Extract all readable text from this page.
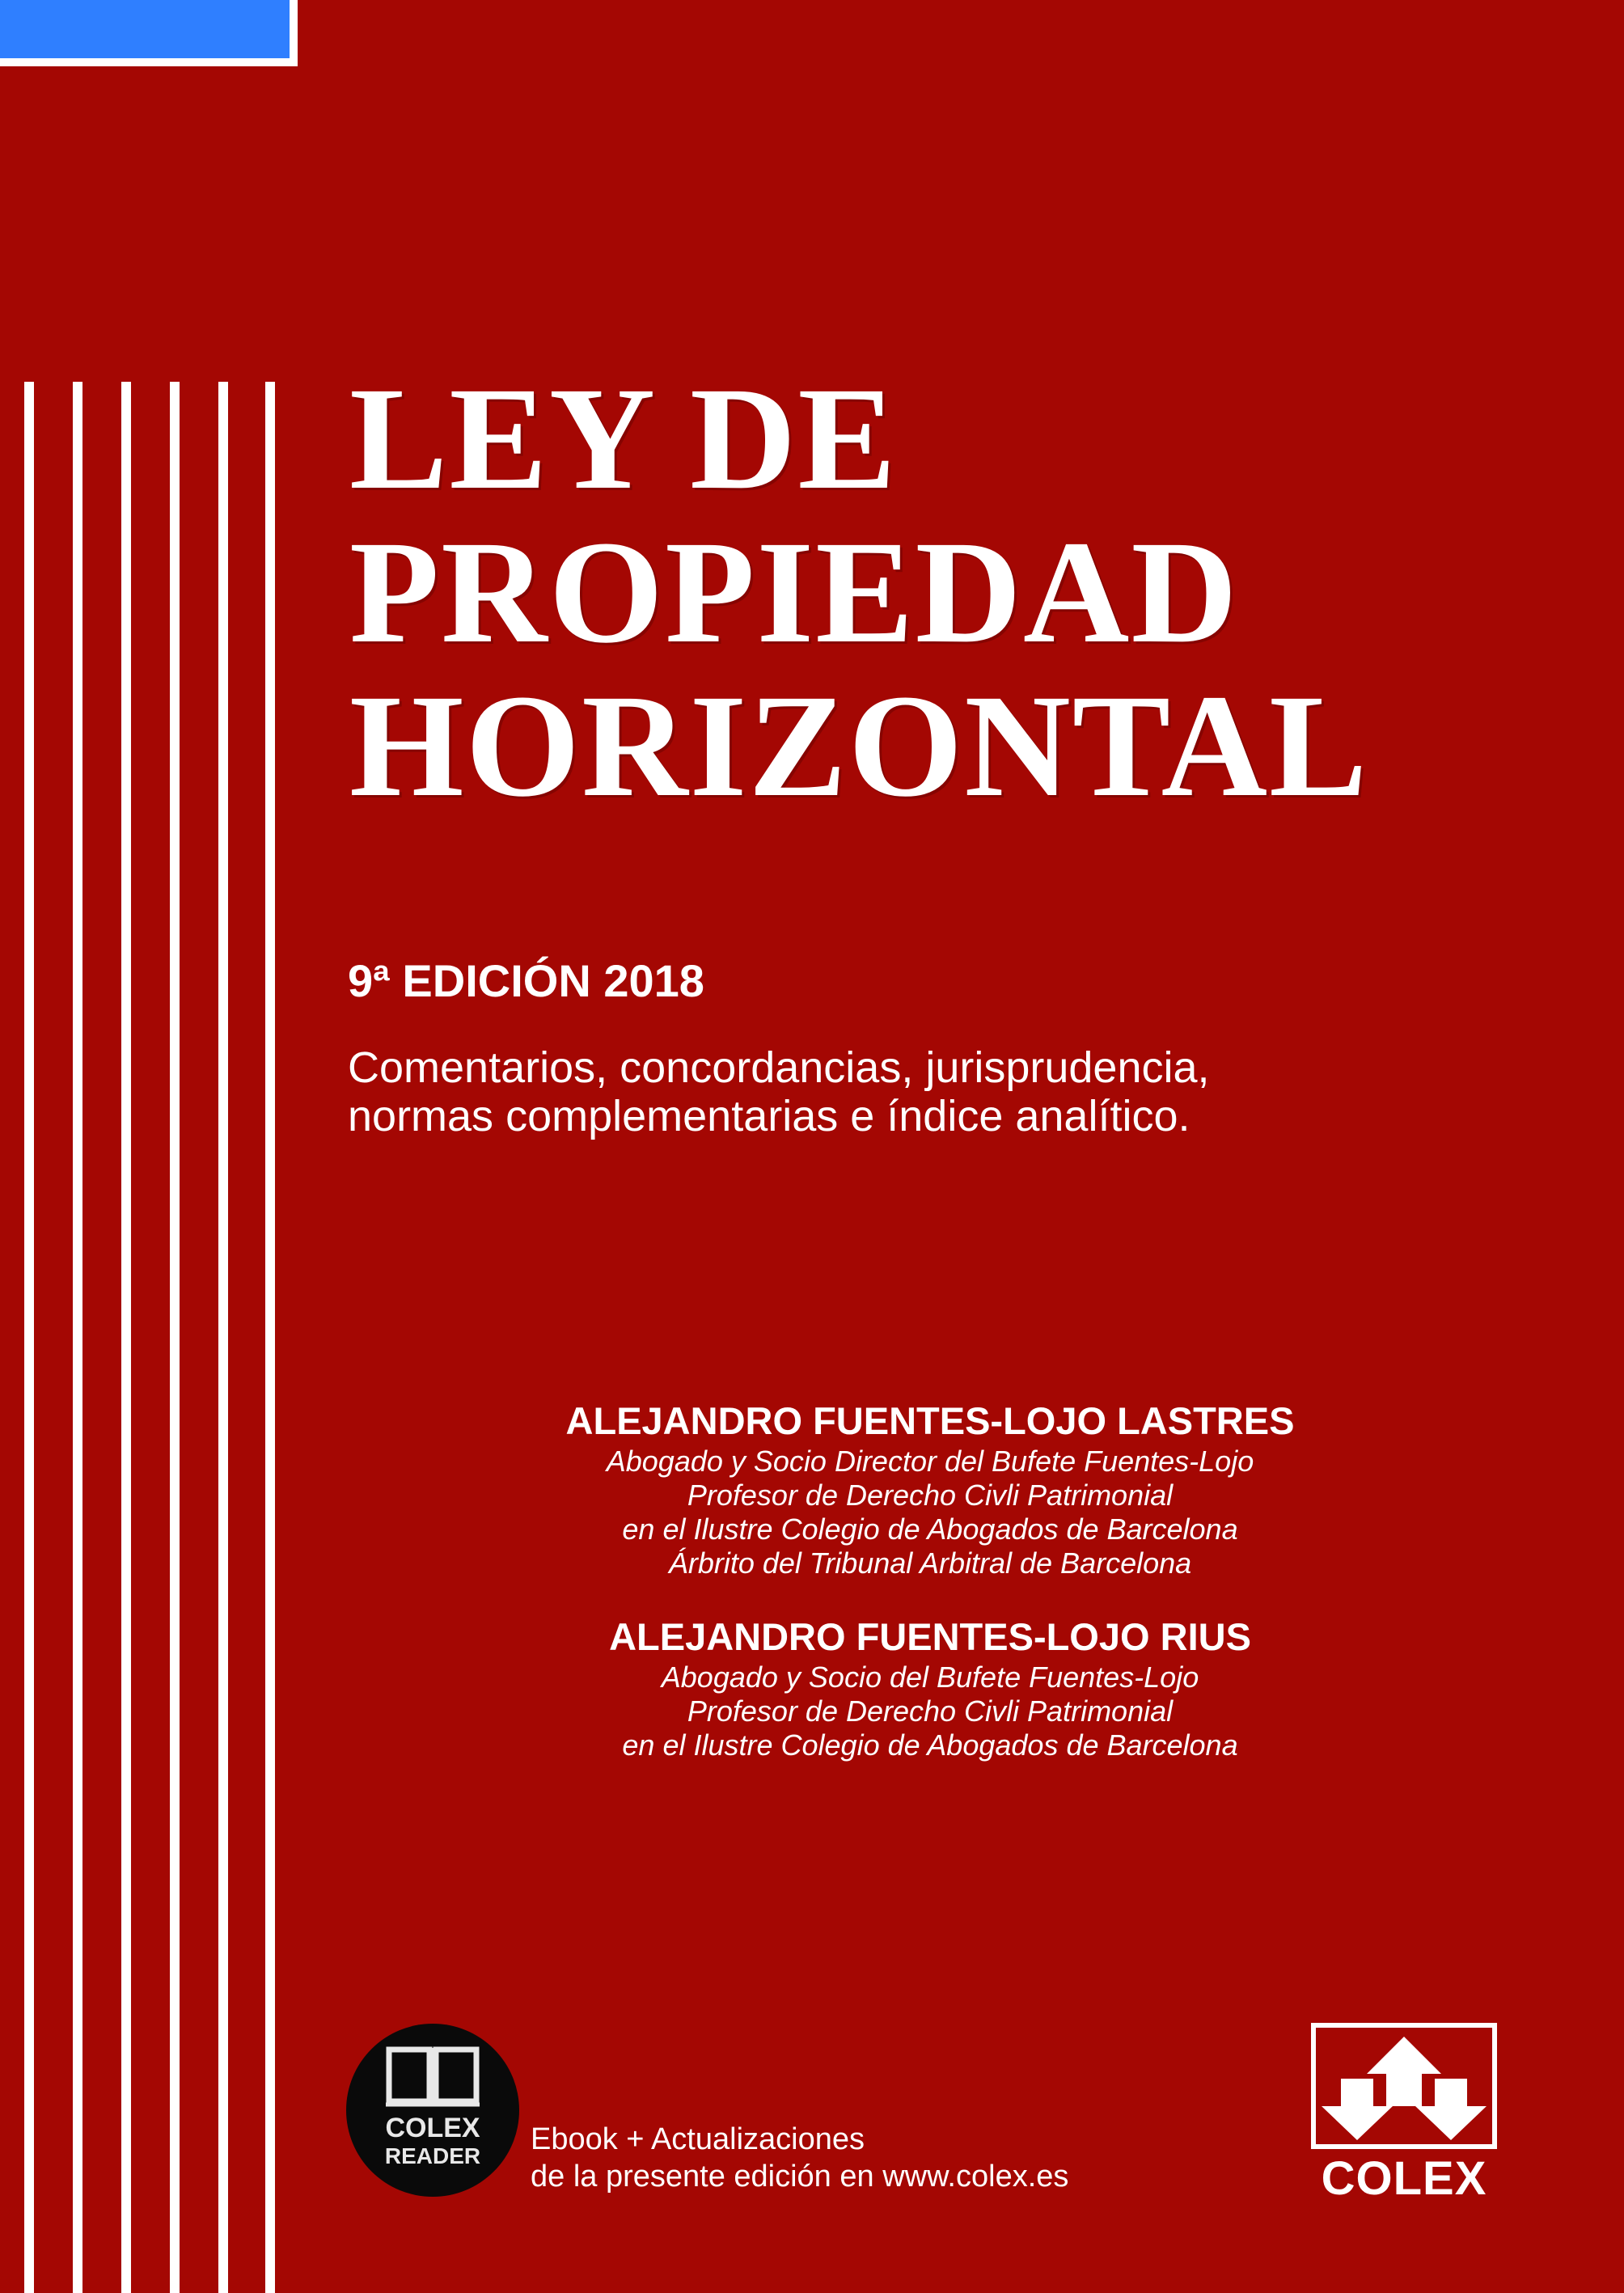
LEY DE
PROPIEDAD
HORIZONTAL
9ª EDICIÓN 2018
Comentarios, concordancias, jurisprudencia,
normas complementarias e índice analítico.
ALEJANDRO FUENTES-LOJO LASTRES
Abogado y Socio Director del Bufete Fuentes-Lojo
Profesor de Derecho Civli Patrimonial
en el Ilustre Colegio de Abogados de Barcelona
Árbrito del Tribunal Arbitral de Barcelona
ALEJANDRO FUENTES-LOJO RIUS
Abogado y Socio del Bufete Fuentes-Lojo
Profesor de Derecho Civli Patrimonial
en el Ilustre Colegio de Abogados de Barcelona
COLEX
READER	Ebook + Actualizaciones
de la presente edición en www.colex.es	COLEX
